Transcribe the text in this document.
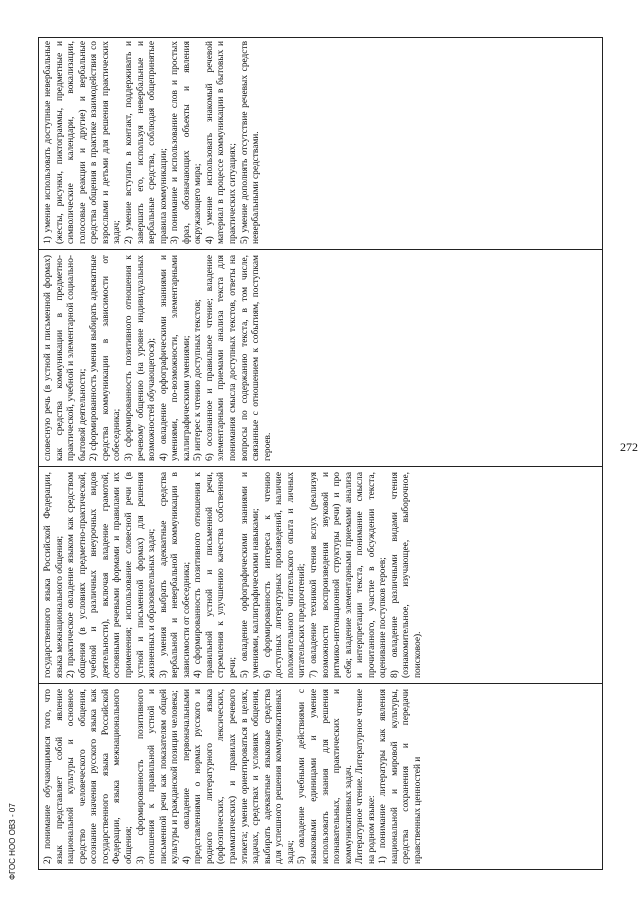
272

2) понимание обучающимися того, что язык представляет собой явление национальной культуры и основное средство человеческого общения, осознание значения русского языка как государственного языка Российской Федерации, языка межнационального общения; 3) сформированность позитивного отношения к правильной устной и письменной речи как показателям общей культуры и гражданской позиции человека; 4) овладение первоначальными представлениями о нормах русского и родного литературного языка (орфоэпических, лексических, грамматических) и правилах речевого этикета; умение ориентироваться в целях, задачах, средствах и условиях общения, выбирать адекватные языковые средства для успешного решения коммуникативных задач; 5) овладение учебными действиями с языковыми единицами и умение использовать знания для решения познавательных, практических и коммуникативных задач. Литературное чтение. Литературное чтение на родном языке: 1) понимание литературы как явления национальной и мировой культуры, средства сохранения и передачи нравственных ценностей и

государственного языка Российской Федерации, языка межнационального общения; 2) практическое овладение языком как средством общения (в условиях предметно-практической, учебной и различных внеурочных видов деятельности), включая владение грамотой, основными речевыми формами и правилами их применения; использование словесной речи (в устной и письменной формах) для решения жизненных и образовательных задач; 3) умения выбрать адекватные средства вербальной и невербальной коммуникации в зависимости от собеседника; 4) сформированность позитивного отношения к правильной устной и письменной речи, стремления к улучшению качества собственной речи; 5) овладение орфографическими знаниями и умениями, каллиграфическими навыками; 6) сформированность интереса к чтению доступных литературных произведений, наличие положительного читательского опыта и личных читательских предпочтений; 7) овладение техникой чтения вслух (реализуя возможности воспроизведения звуковой и ритмико-интонационной структуры речи) и про себя; владение элементарными приемами анализа и интерпретации текста, понимание смысла прочитанного, участие в обсуждении текста, оценивание поступков героев; 8) овладение различными видами чтения (ознакомительное, изучающее, выборочное, поисковое).

словесную речь (в устной и письменной формах) как средства коммуникации в предметно-практической, учебной и элементарной социально-бытовой деятельности; 2) сформированность умения выбирать адекватные средства коммуникации в зависимости от собеседника; 3) сформированность позитивного отношения к речевому общению (на уровне индивидуальных возможностей обучающегося); 4) овладение орфографическими знаниями и умениями, по-возможности, элементарными каллиграфическими умениями; 5) интерес к чтению доступных текстов; 6) осознанное и правильное чтение; владение элементарными приемами анализа текста для понимания смысла доступных текстов, ответы на вопросы по содержанию текста, в том числе, связанные с отношением к событиям, поступкам героев.

1) умение использовать доступные невербальные (жесты, рисунки, пиктограммы, предметные и символические календари, вокализации, голосовые реакции и другие) и вербальные средства общения в практике взаимодействия со взрослыми и детьми для решения практических задач; 2) умение вступать в контакт, поддерживать и завершать его, используя невербальные и вербальные средства, соблюдая общепринятые правила коммуникации; 3) понимание и использование слов и простых фраз, обозначающих объекты и явления окружающего мира; 4) умение использовать знакомый речевой материал в процессе коммуникации в бытовых и практических ситуациях; 5) умение дополнять отсутствие речевых средств невербальными средствами.

ФГОС НОО ОВЗ - 07
